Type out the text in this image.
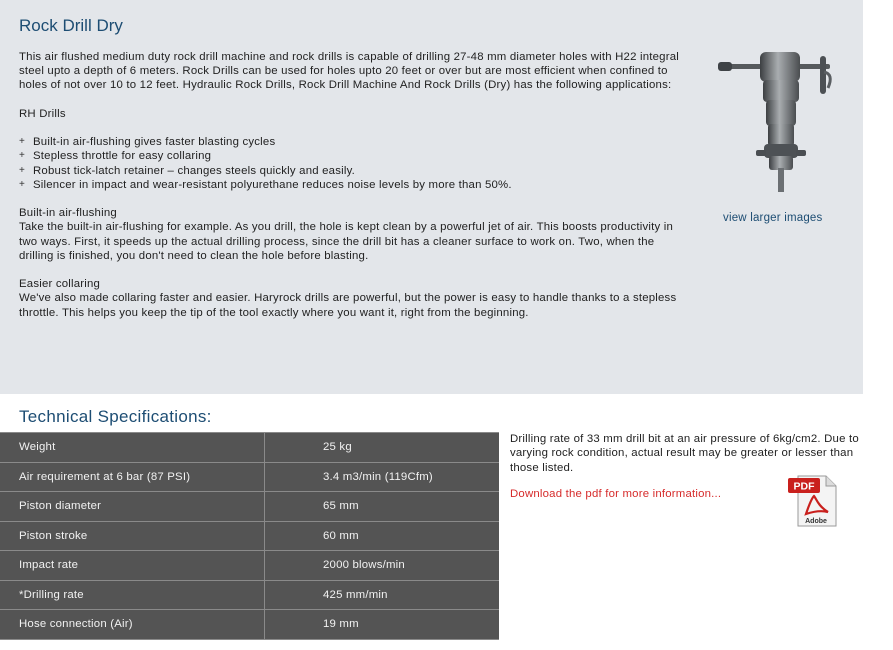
Rock Drill Dry

This air flushed medium duty rock drill machine and rock drills is capable of drilling 27-48 mm diameter holes with H22 integral steel upto a depth of 6 meters. Rock Drills can be used for holes upto 20 feet or over but are most efficient when confined to holes of not over 10 to 12 feet. Hydraulic Rock Drills, Rock Drill Machine And Rock Drills (Dry) has the following applications:

RH Drills

+ Built-in air-flushing gives faster blasting cycles
+ Stepless throttle for easy collaring
+ Robust tick-latch retainer – changes steels quickly and easily.
+ Silencer in impact and wear-resistant polyurethane reduces noise levels by more than 50%.

Built-in air-flushing
Take the built-in air-flushing for example. As you drill, the hole is kept clean by a powerful jet of air. This boosts productivity in two ways. First, it speeds up the actual drilling process, since the drill bit has a cleaner surface to work on. Two, when the drilling is finished, you don't need to clean the hole before blasting.

Easier collaring
We've also made collaring faster and easier. Haryrock drills are powerful, but the power is easy to handle thanks to a stepless throttle. This helps you keep the tip of the tool exactly where you want it, right from the beginning.

view larger images
Technical Specifications:
Weight	25 kg
Air requirement at 6 bar (87 PSI)	3.4 m3/min (119Cfm)
Piston diameter	65 mm
Piston stroke	60 mm
Impact rate	2000 blows/min
*Drilling rate	425 mm/min
Hose connection (Air)	19 mm
Drilling rate of 33 mm drill bit at an air pressure of 6kg/cm2. Due to varying rock condition, actual result may be greater or lesser than those listed.
Download the pdf for more information...
PDF
Adobe
